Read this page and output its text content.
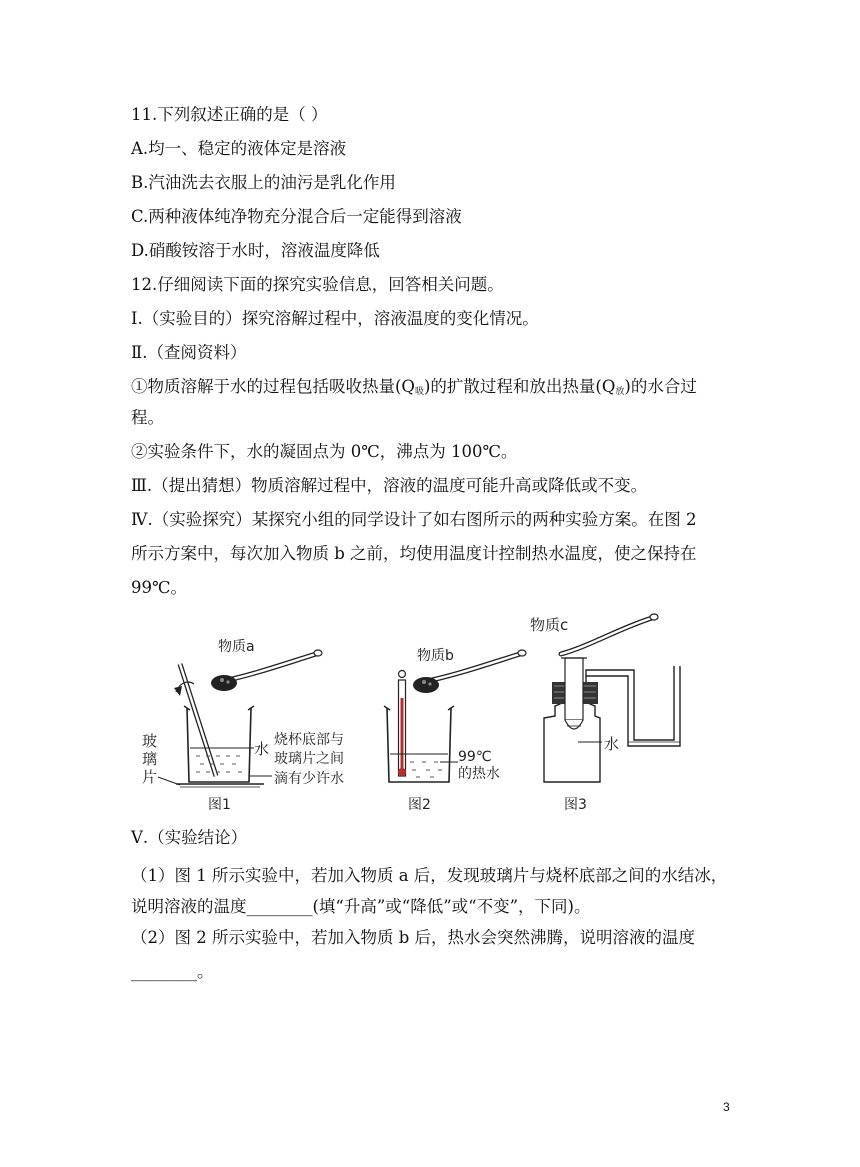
11.下列叙述正确的是（ ）
A.均一、稳定的液体定是溶液
B.汽油洗去衣服上的油污是乳化作用
C.两种液体纯净物充分混合后一定能得到溶液
D.硝酸铵溶于水时，溶液温度降低
12.仔细阅读下面的探究实验信息，回答相关问题。
Ⅰ.（实验目的）探究溶解过程中，溶液温度的变化情况。
Ⅱ.（查阅资料）
①物质溶解于水的过程包括吸收热量$(Q_吸)$的扩散过程和放出热量$(Q_放)$的水合过
程。
②实验条件下，水的凝固点为 0℃，沸点为 100℃。
Ⅲ.（提出猜想）物质溶解过程中，溶液的温度可能升高或降低或不变。
Ⅳ.（实验探究）某探究小组的同学设计了如右图所示的两种实验方案。在图 2
所示方案中，每次加入物质 b 之前，均使用温度计控制热水温度，使之保持在
99℃。
物质a
玻
璃
片
水 烧杯底部与
玻璃片之间
滴有少许水
图1
物质b
99℃
的热水
图2
物质c
水
图3
Ⅴ.（实验结论）
（1）图 1 所示实验中，若加入物质 a 后，发现玻璃片与烧杯底部之间的水结冰，
说明溶液的温度________(填“升高”或“降低”或“不变”，下同)。
（2）图 2 所示实验中，若加入物质 b 后，热水会突然沸腾，说明溶液的温度
________。
3
